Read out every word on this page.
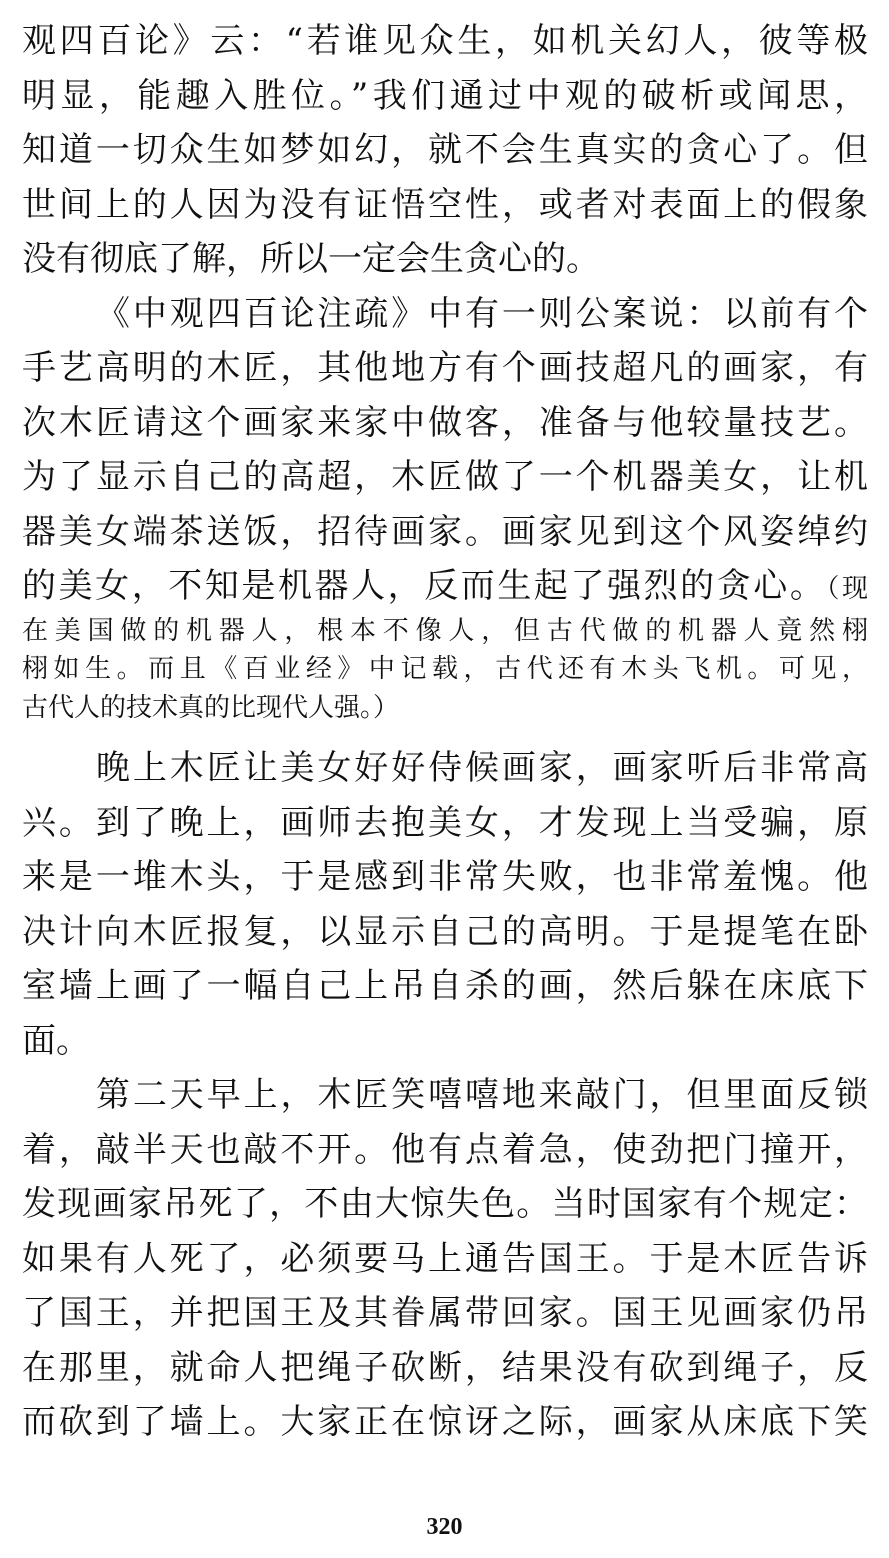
观四百论》云：“若谁见众生，如机关幻人，彼等极
明显，能趣入胜位。”我们通过中观的破析或闻思，
知道一切众生如梦如幻，就不会生真实的贪心了。但
世间上的人因为没有证悟空性，或者对表面上的假象
没有彻底了解，所以一定会生贪心的。
《中观四百论注疏》中有一则公案说：以前有个
手艺高明的木匠，其他地方有个画技超凡的画家，有
次木匠请这个画家来家中做客，准备与他较量技艺。
为了显示自己的高超，木匠做了一个机器美女，让机
器美女端茶送饭，招待画家。画家见到这个风姿绰约
的美女，不知是机器人，反而生起了强烈的贪心。（现
在美国做的机器人，根本不像人，但古代做的机器人竟然栩
栩如生。而且《百业经》中记载，古代还有木头飞机。可见，
古代人的技术真的比现代人强。）
晚上木匠让美女好好侍候画家，画家听后非常高
兴。到了晚上，画师去抱美女，才发现上当受骗，原
来是一堆木头，于是感到非常失败，也非常羞愧。他
决计向木匠报复，以显示自己的高明。于是提笔在卧
室墙上画了一幅自己上吊自杀的画，然后躲在床底下
面。
第二天早上，木匠笑嘻嘻地来敲门，但里面反锁
着，敲半天也敲不开。他有点着急，使劲把门撞开，
发现画家吊死了，不由大惊失色。当时国家有个规定：
如果有人死了，必须要马上通告国王。于是木匠告诉
了国王，并把国王及其眷属带回家。国王见画家仍吊
在那里，就命人把绳子砍断，结果没有砍到绳子，反
而砍到了墙上。大家正在惊讶之际，画家从床底下笑
320
